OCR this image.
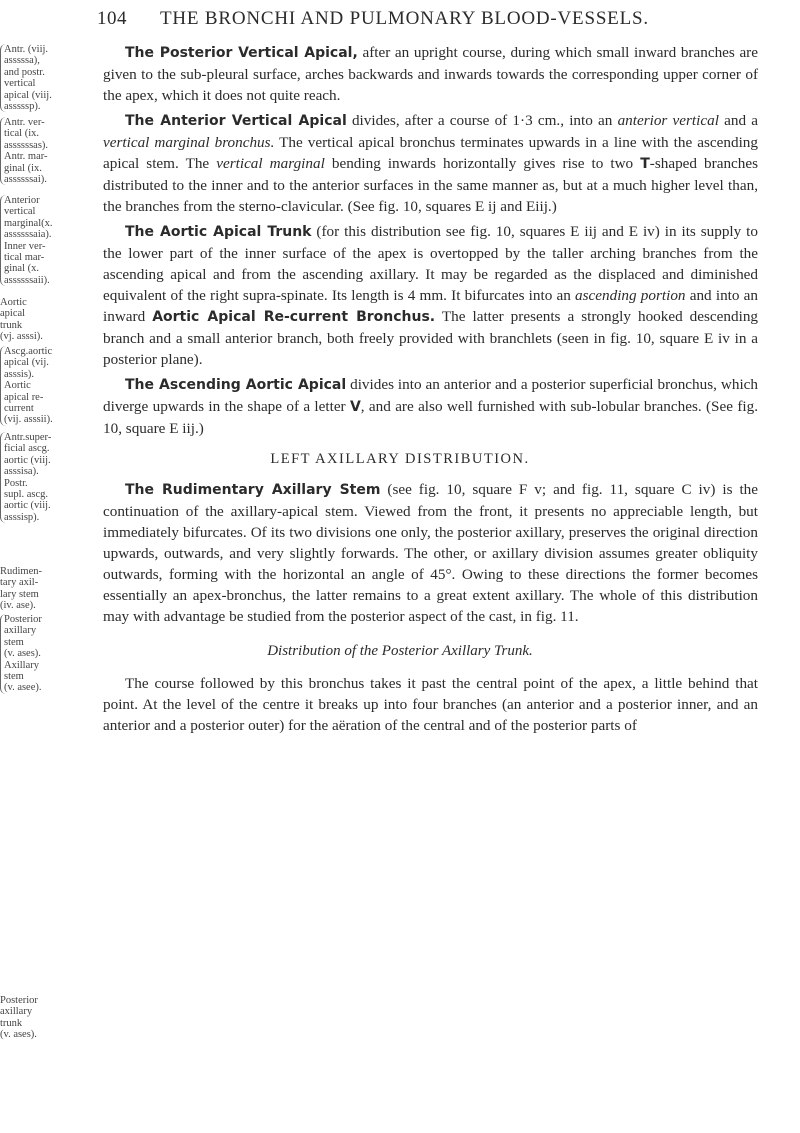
104 THE BRONCHI AND PULMONARY BLOOD-VESSELS.
Antr. (viij.
asssssa),
and postr.
vertical
apical (viij.
asssssp).
Antr. ver-
tical (ix.
assssssas).
Antr. mar-
ginal (ix.
assssssai).
Anterior
vertical
marginal(x.
assssssaia).
Inner ver-
tical mar-
ginal (x.
assssssaii).
Aortic
apical
trunk
(vj. asssi).
Ascg.aortic
apical (vij.
asssis).
Aortic
apical re-
current
(vij. asssii).
Antr.super-
ficial ascg.
aortic (viij.
asssisa).
Postr.
supl. ascg.
aortic (viij.
asssisp).
Rudimen-
tary axil-
lary stem
(iv. ase).
Posterior
axillary
stem
(v. ases).
Axillary
stem
(v. asee).
Posterior
axillary
trunk
(v. ases).

The Posterior Vertical Apical, after an upright course, during which small inward branches are given to the sub-pleural surface, arches backwards and inwards towards the corresponding upper corner of the apex, which it does not quite reach.

The Anterior Vertical Apical divides, after a course of 1·3 cm., into an anterior vertical and a vertical marginal bronchus. The vertical apical bronchus terminates upwards in a line with the ascending apical stem. The vertical marginal bending inwards horizontally gives rise to two T-shaped branches distributed to the inner and to the anterior surfaces in the same manner as, but at a much higher level than, the branches from the sterno-clavicular. (See fig. 10, squares E ij and Eiij.)

The Aortic Apical Trunk (for this distribution see fig. 10, squares E iij and E iv) in its supply to the lower part of the inner surface of the apex is overtopped by the taller arching branches from the ascending apical and from the ascending axillary. It may be regarded as the displaced and diminished equivalent of the right supra-spinate. Its length is 4 mm. It bifurcates into an ascending portion and into an inward Aortic Apical Re-current Bronchus. The latter presents a strongly hooked descending branch and a small anterior branch, both freely provided with branchlets (seen in fig. 10, square E iv in a posterior plane).

The Ascending Aortic Apical divides into an anterior and a posterior superficial bronchus, which diverge upwards in the shape of a letter V, and are also well furnished with sub-lobular branches. (See fig. 10, square E iij.)

The Rudimentary Axillary Stem (see fig. 10, square F v; and fig. 11, square C iv) is the continuation of the axillary-apical stem. Viewed from the front, it presents no appreciable length, but immediately bifurcates. Of its two divisions one only, the posterior axillary, preserves the original direction upwards, outwards, and very slightly forwards. The other, or axillary division assumes greater obliquity outwards, forming with the horizontal an angle of 45°. Owing to these directions the former becomes essentially an apex-bronchus, the latter remains to a great extent axillary. The whole of this distribution may with advantage be studied from the posterior aspect of the cast, in fig. 11.

The course followed by this bronchus takes it past the central point of the apex, a little behind that point. At the level of the centre it breaks up into four branches (an anterior and a posterior inner, and an anterior and a posterior outer) for the aëration of the central and of the posterior parts of

LEFT AXILLARY DISTRIBUTION.
Distribution of the Posterior Axillary Trunk.
